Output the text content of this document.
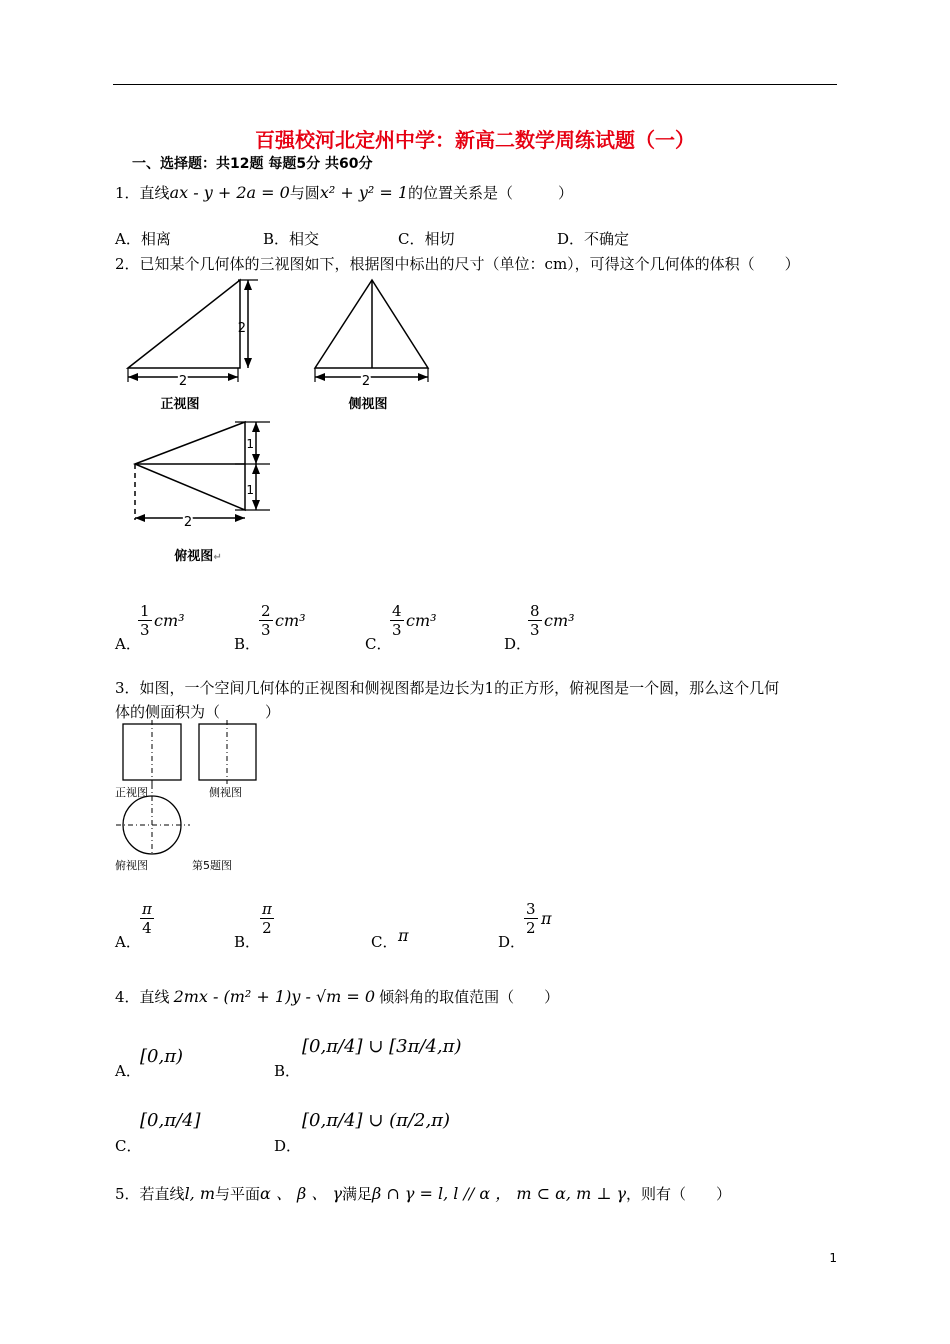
百强校河北定州中学：新高二数学周练试题（一）
一、选择题：共12题 每题5分 共60分
1．直线ax - y + 2a = 0与圆x² + y² = 1的位置关系是（　　　）
A．相离	B．相交	C．相切	D．不确定
2．已知某个几何体的三视图如下，根据图中标出的尺寸（单位：cm），可得这个几何体的体积（　　）
2
2
正视图
2
侧视图
1
1
2
俯视图↵
A．
$\frac{1}{3} cm^3$
B．
$\frac{2}{3} cm^3$
C．
$\frac{4}{3} cm^3$
D．
$\frac{8}{3} cm^3$
3．如图，一个空间几何体的正视图和侧视图都是边长为1的正方形，俯视图是一个圆，那么这个几何
体的侧面积为（　　　）
正视图	侧视图
俯视图	第5题图
A．
$\frac{\pi}{4}$
B．
$\frac{\pi}{2}$
C． π	D．
$\frac{3}{2}$ π
4．直线 2mx - (m² + 1)y - √m = 0 倾斜角的取值范围（　　）
A．
[0,π)
B．
[0,π/4] ∪ [3π/4,π)
C．
[0,π/4]
D．
[0,π/4] ∪ (π/2,π)
5．若直线l, m与平面α 、 β 、 γ满足β ∩ γ = l, l // α ， m ⊂ α, m ⊥ γ，则有（　　）
1
